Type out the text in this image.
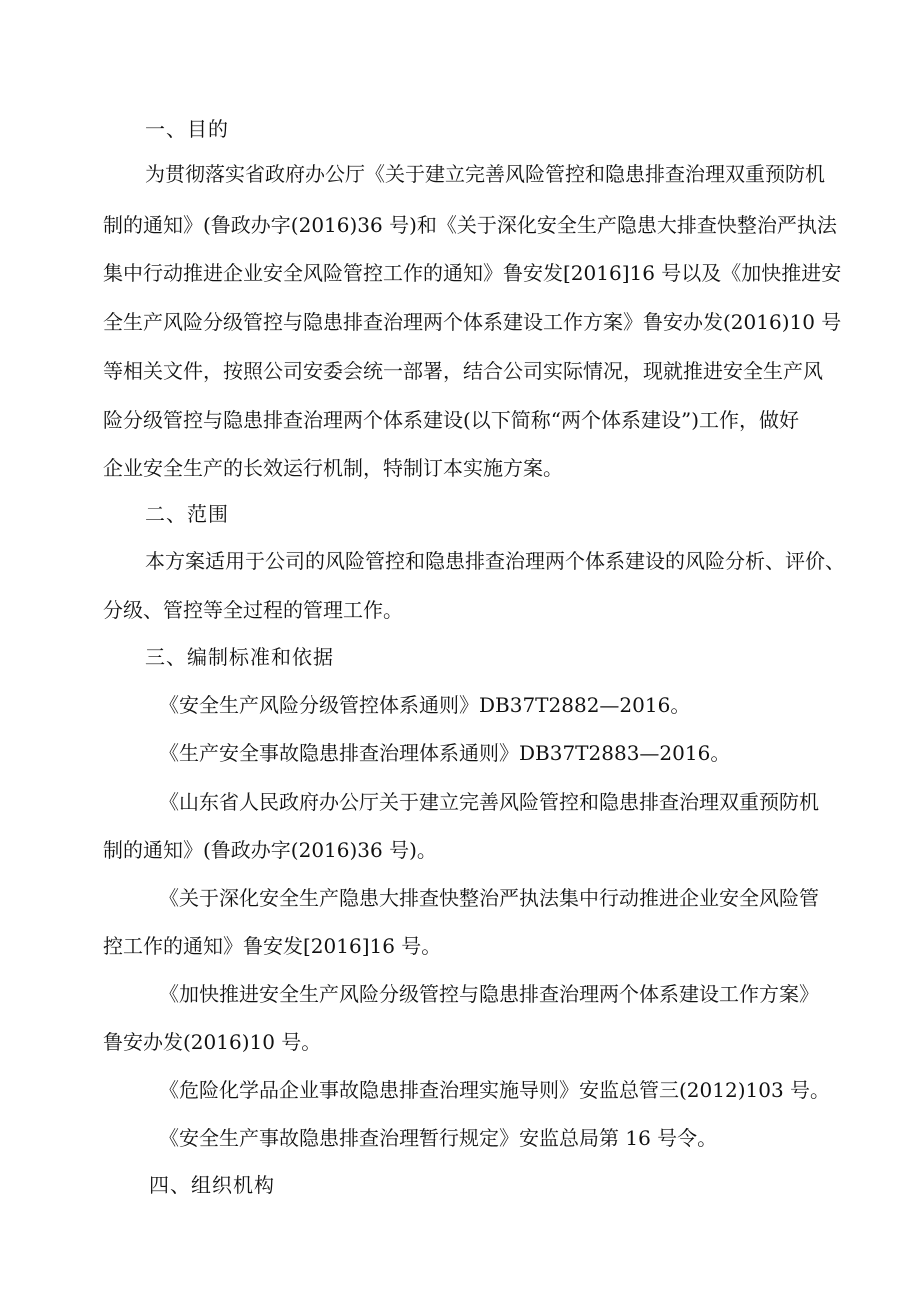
一、目的
为贯彻落实省政府办公厅《关于建立完善风险管控和隐患排查治理双重预防机
制的通知》(鲁政办字(2016)36 号)和《关于深化安全生产隐患大排查快整治严执法
集中行动推进企业安全风险管控工作的通知》鲁安发[2016]16 号以及《加快推进安
全生产风险分级管控与隐患排查治理两个体系建设工作方案》鲁安办发(2016)10 号
等相关文件，按照公司安委会统一部署，结合公司实际情况，现就推进安全生产风
险分级管控与隐患排查治理两个体系建设(以下简称“两个体系建设”)工作，做好
企业安全生产的长效运行机制，特制订本实施方案。
二、范围
本方案适用于公司的风险管控和隐患排查治理两个体系建设的风险分析、评价、
分级、管控等全过程的管理工作。
三、编制标准和依据
《安全生产风险分级管控体系通则》DB37T2882—2016。
《生产安全事故隐患排查治理体系通则》DB37T2883—2016。
《山东省人民政府办公厅关于建立完善风险管控和隐患排查治理双重预防机
制的通知》(鲁政办字(2016)36 号)。
《关于深化安全生产隐患大排查快整治严执法集中行动推进企业安全风险管
控工作的通知》鲁安发[2016]16 号。
《加快推进安全生产风险分级管控与隐患排查治理两个体系建设工作方案》
鲁安办发(2016)10 号。
《危险化学品企业事故隐患排查治理实施导则》安监总管三(2012)103 号。
《安全生产事故隐患排查治理暂行规定》安监总局第 16 号令。
四、组织机构
